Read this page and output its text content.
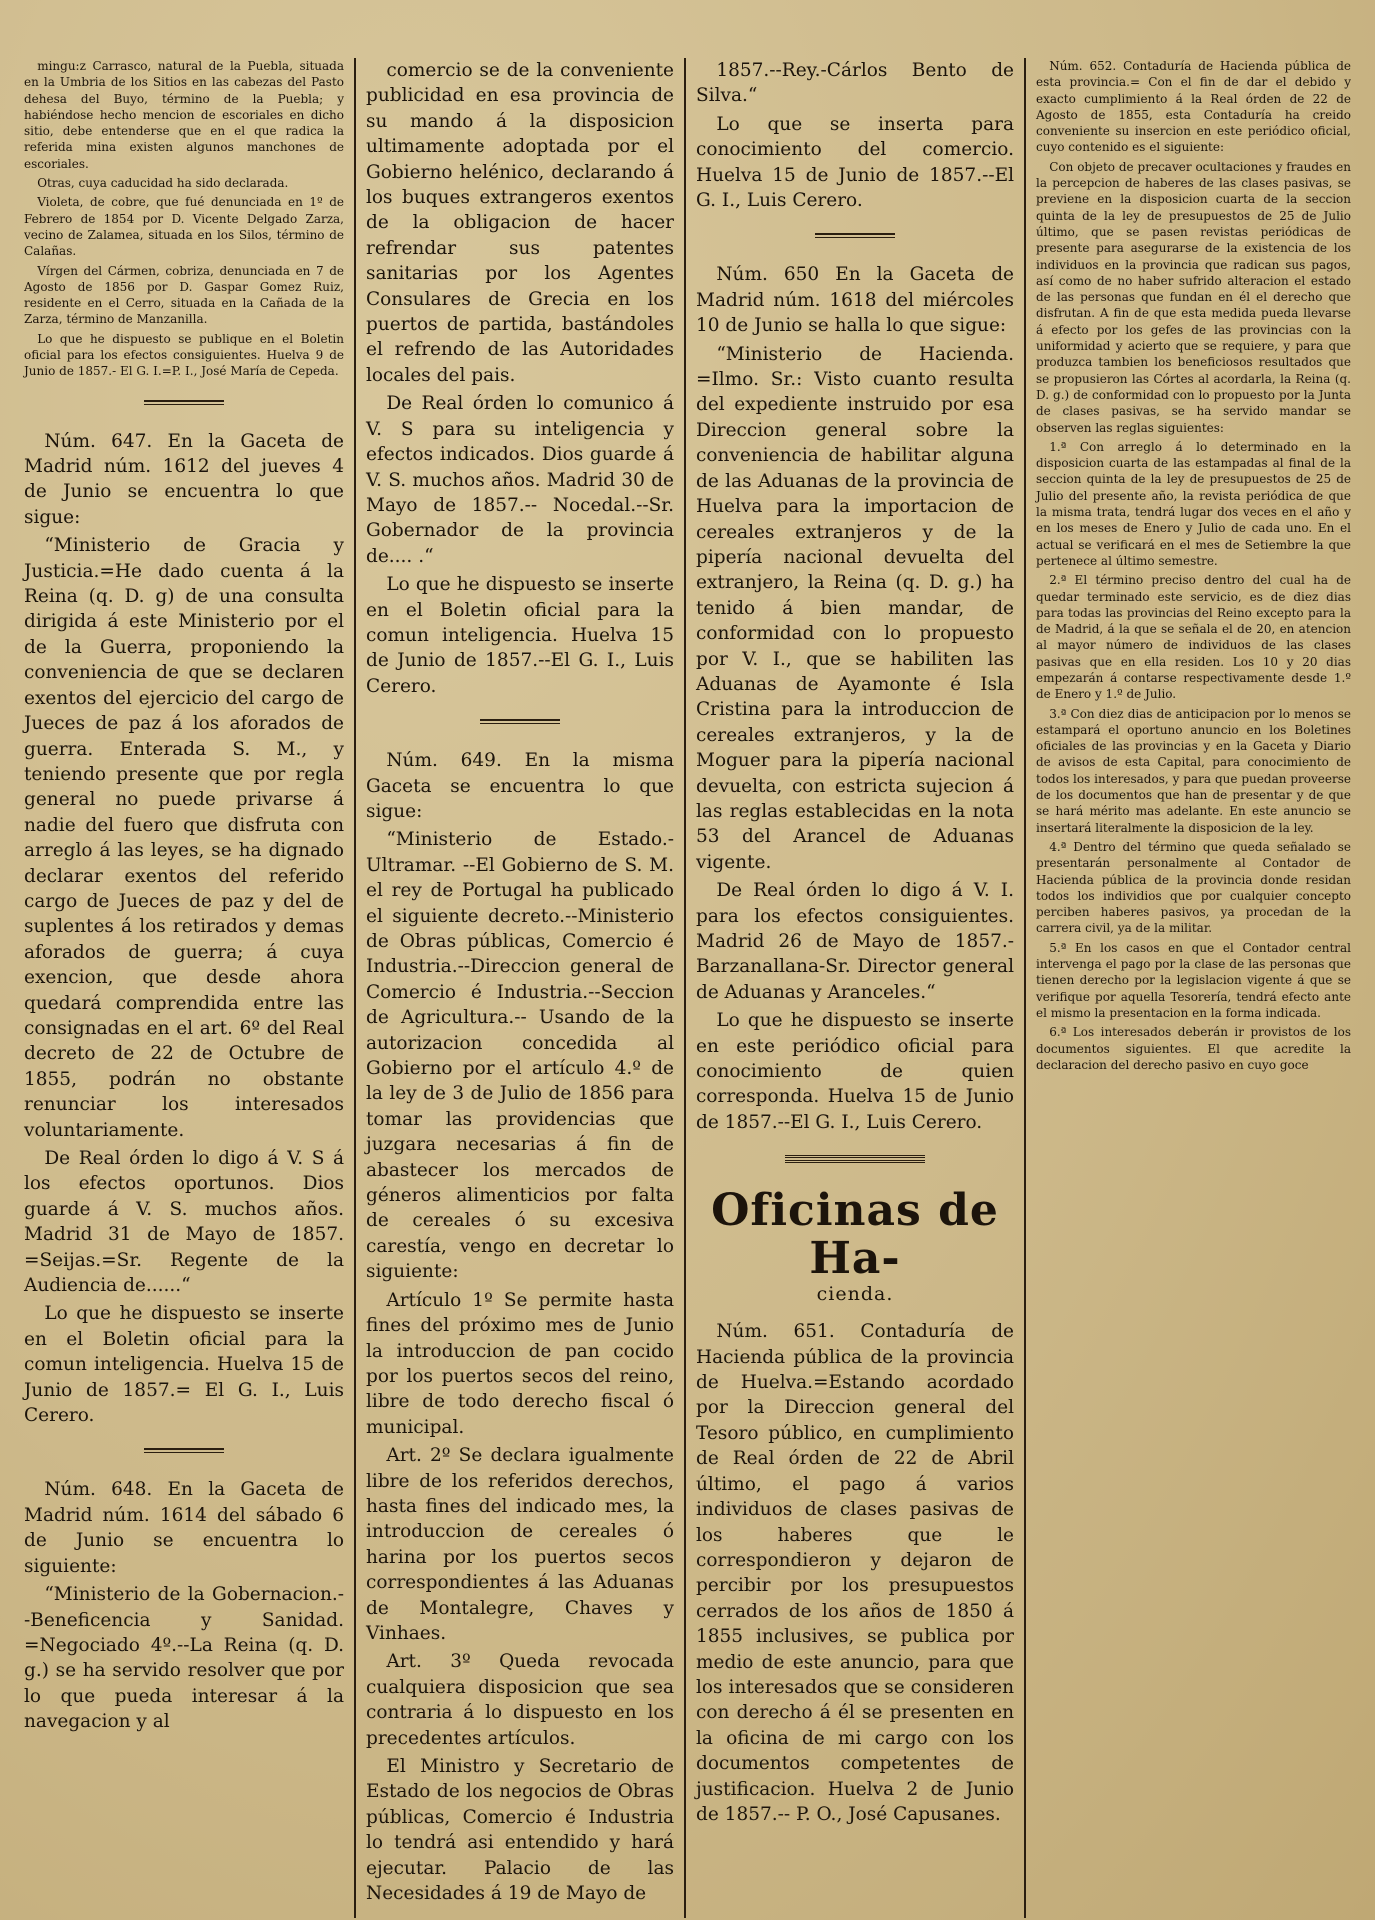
mingu:z Carrasco, natural de la Puebla, situada en la Umbria de los Sitios en las cabezas del Pasto dehesa del Buyo, término de la Puebla; y habiéndose hecho mencion de escoriales en dicho sitio, debe entenderse que en el que radica la referida mina existen algunos manchones de escoriales.

Otras, cuya caducidad ha sido declarada.

Violeta, de cobre, que fué denunciada en 1º de Febrero de 1854 por D. Vicente Delgado Zarza, vecino de Zalamea, situada en los Silos, término de Calañas.

Vírgen del Cármen, cobriza, denunciada en 7 de Agosto de 1856 por D. Gaspar Gomez Ruiz, residente en el Cerro, situada en la Cañada de la Zarza, término de Manzanilla.

Lo que he dispuesto se publique en el Boletin oficial para los efectos consiguientes. Huelva 9 de Junio de 1857.- El G. I.=P. I., José María de Cepeda.

Núm. 647. En la Gaceta de Madrid núm. 1612 del jueves 4 de Junio se encuentra lo que sigue:

“Ministerio de Gracia y Justicia.=He dado cuenta á la Reina (q. D. g) de una consulta dirigida á este Ministerio por el de la Guerra, proponiendo la conveniencia de que se declaren exentos del ejercicio del cargo de Jueces de paz á los aforados de guerra. Enterada S. M., y teniendo presente que por regla general no puede privarse á nadie del fuero que disfruta con arreglo á las leyes, se ha dignado declarar exentos del referido cargo de Jueces de paz y del de suplentes á los retirados y demas aforados de guerra; á cuya exencion, que desde ahora quedará comprendida entre las consignadas en el art. 6º del Real decreto de 22 de Octubre de 1855, podrán no obstante renunciar los interesados voluntariamente.

De Real órden lo digo á V. S á los efectos oportunos. Dios guarde á V. S. muchos años. Madrid 31 de Mayo de 1857. =Seijas.=Sr. Regente de la Audiencia de......“

Lo que he dispuesto se inserte en el Boletin oficial para la comun inteligencia. Huelva 15 de Junio de 1857.= El G. I., Luis Cerero.

Núm. 648. En la Gaceta de Madrid núm. 1614 del sábado 6 de Junio se encuentra lo siguiente:

“Ministerio de la Gobernacion.--Beneficencia y Sanidad. =Negociado 4º.--La Reina (q. D. g.) se ha servido resolver que por lo que pueda interesar á la navegacion y al

comercio se de la conveniente publicidad en esa provincia de su mando á la disposicion ultimamente adoptada por el Gobierno helénico, declarando á los buques extrangeros exentos de la obligacion de hacer refrendar sus patentes sanitarias por los Agentes Consulares de Grecia en los puertos de partida, bastándoles el refrendo de las Autoridades locales del pais.

De Real órden lo comunico á V. S para su inteligencia y efectos indicados. Dios guarde á V. S. muchos años. Madrid 30 de Mayo de 1857.-- Nocedal.--Sr. Gobernador de la provincia de.... .“

Lo que he dispuesto se inserte en el Boletin oficial para la comun inteligencia. Huelva 15 de Junio de 1857.--El G. I., Luis Cerero.

Núm. 649. En la misma Gaceta se encuentra lo que sigue:

“Ministerio de Estado.- Ultramar. --El Gobierno de S. M. el rey de Portugal ha publicado el siguiente decreto.--Ministerio de Obras públicas, Comercio é Industria.--Direccion general de Comercio é Industria.--Seccion de Agricultura.-- Usando de la autorizacion concedida al Gobierno por el artículo 4.º de la ley de 3 de Julio de 1856 para tomar las providencias que juzgara necesarias á fin de abastecer los mercados de géneros alimenticios por falta de cereales ó su excesiva carestía, vengo en decretar lo siguiente:

Artículo 1º Se permite hasta fines del próximo mes de Junio la introduccion de pan cocido por los puertos secos del reino, libre de todo derecho fiscal ó municipal.

Art. 2º Se declara igualmente libre de los referidos derechos, hasta fines del indicado mes, la introduccion de cereales ó harina por los puertos secos correspondientes á las Aduanas de Montalegre, Chaves y Vinhaes.

Art. 3º Queda revocada cualquiera disposicion que sea contraria á lo dispuesto en los precedentes artículos.

El Ministro y Secretario de Estado de los negocios de Obras públicas, Comercio é Industria lo tendrá asi entendido y hará ejecutar. Palacio de las Necesidades á 19 de Mayo de

1857.--Rey.-Cárlos Bento de Silva.“

Lo que se inserta para conocimiento del comercio. Huelva 15 de Junio de 1857.--El G. I., Luis Cerero.

Núm. 650 En la Gaceta de Madrid núm. 1618 del miércoles 10 de Junio se halla lo que sigue:

“Ministerio de Hacienda. =Ilmo. Sr.: Visto cuanto resulta del expediente instruido por esa Direccion general sobre la conveniencia de habilitar alguna de las Aduanas de la provincia de Huelva para la importacion de cereales extranjeros y de la pipería nacional devuelta del extranjero, la Reina (q. D. g.) ha tenido á bien mandar, de conformidad con lo propuesto por V. I., que se habiliten las Aduanas de Ayamonte é Isla Cristina para la introduccion de cereales extranjeros, y la de Moguer para la pipería nacional devuelta, con estricta sujecion á las reglas establecidas en la nota 53 del Arancel de Aduanas vigente.

De Real órden lo digo á V. I. para los efectos consiguientes. Madrid 26 de Mayo de 1857.- Barzanallana-Sr. Director general de Aduanas y Aranceles.“

Lo que he dispuesto se inserte en este periódico oficial para conocimiento de quien corresponda. Huelva 15 de Junio de 1857.--El G. I., Luis Cerero.

Oficinas de Ha-
cienda.

Núm. 651. Contaduría de Hacienda pública de la provincia de Huelva.=Estando acordado por la Direccion general del Tesoro público, en cumplimiento de Real órden de 22 de Abril último, el pago á varios individuos de clases pasivas de los haberes que le correspondieron y dejaron de percibir por los presupuestos cerrados de los años de 1850 á 1855 inclusives, se publica por medio de este anuncio, para que los interesados que se consideren con derecho á él se presenten en la oficina de mi cargo con los documentos competentes de justificacion. Huelva 2 de Junio de 1857.-- P. O., José Capusanes.

Núm. 652. Contaduría de Hacienda pública de esta provincia.= Con el fin de dar el debido y exacto cumplimiento á la Real órden de 22 de Agosto de 1855, esta Contaduría ha creido conveniente su insercion en este periódico oficial, cuyo contenido es el siguiente:

Con objeto de precaver ocultaciones y fraudes en la percepcion de haberes de las clases pasivas, se previene en la disposicion cuarta de la seccion quinta de la ley de presupuestos de 25 de Julio último, que se pasen revistas periódicas de presente para asegurarse de la existencia de los individuos en la provincia que radican sus pagos, así como de no haber sufrido alteracion el estado de las personas que fundan en él el derecho que disfrutan. A fin de que esta medida pueda llevarse á efecto por los gefes de las provincias con la uniformidad y acierto que se requiere, y para que produzca tambien los beneficiosos resultados que se propusieron las Córtes al acordarla, la Reina (q. D. g.) de conformidad con lo propuesto por la Junta de clases pasivas, se ha servido mandar se observen las reglas siguientes:

1.ª Con arreglo á lo determinado en la disposicion cuarta de las estampadas al final de la seccion quinta de la ley de presupuestos de 25 de Julio del presente año, la revista periódica de que la misma trata, tendrá lugar dos veces en el año y en los meses de Enero y Julio de cada uno. En el actual se verificará en el mes de Setiembre la que pertenece al último semestre.

2.ª El término preciso dentro del cual ha de quedar terminado este servicio, es de diez dias para todas las provincias del Reino excepto para la de Madrid, á la que se señala el de 20, en atencion al mayor número de individuos de las clases pasivas que en ella residen. Los 10 y 20 dias empezarán á contarse respectivamente desde 1.º de Enero y 1.º de Julio.

3.ª Con diez dias de anticipacion por lo menos se estampará el oportuno anuncio en los Boletines oficiales de las provincias y en la Gaceta y Diario de avisos de esta Capital, para conocimiento de todos los interesados, y para que puedan proveerse de los documentos que han de presentar y de que se hará mérito mas adelante. En este anuncio se insertará literalmente la disposicion de la ley.

4.ª Dentro del término que queda señalado se presentarán personalmente al Contador de Hacienda pública de la provincia donde residan todos los individios que por cualquier concepto perciben haberes pasivos, ya procedan de la carrera civil, ya de la militar.

5.ª En los casos en que el Contador central intervenga el pago por la clase de las personas que tienen derecho por la legislacion vigente á que se verifique por aquella Tesorería, tendrá efecto ante el mismo la presentacion en la forma indicada.

6.ª Los interesados deberán ir provistos de los documentos siguientes. El que acredite la declaracion del derecho pasivo en cuyo goce
